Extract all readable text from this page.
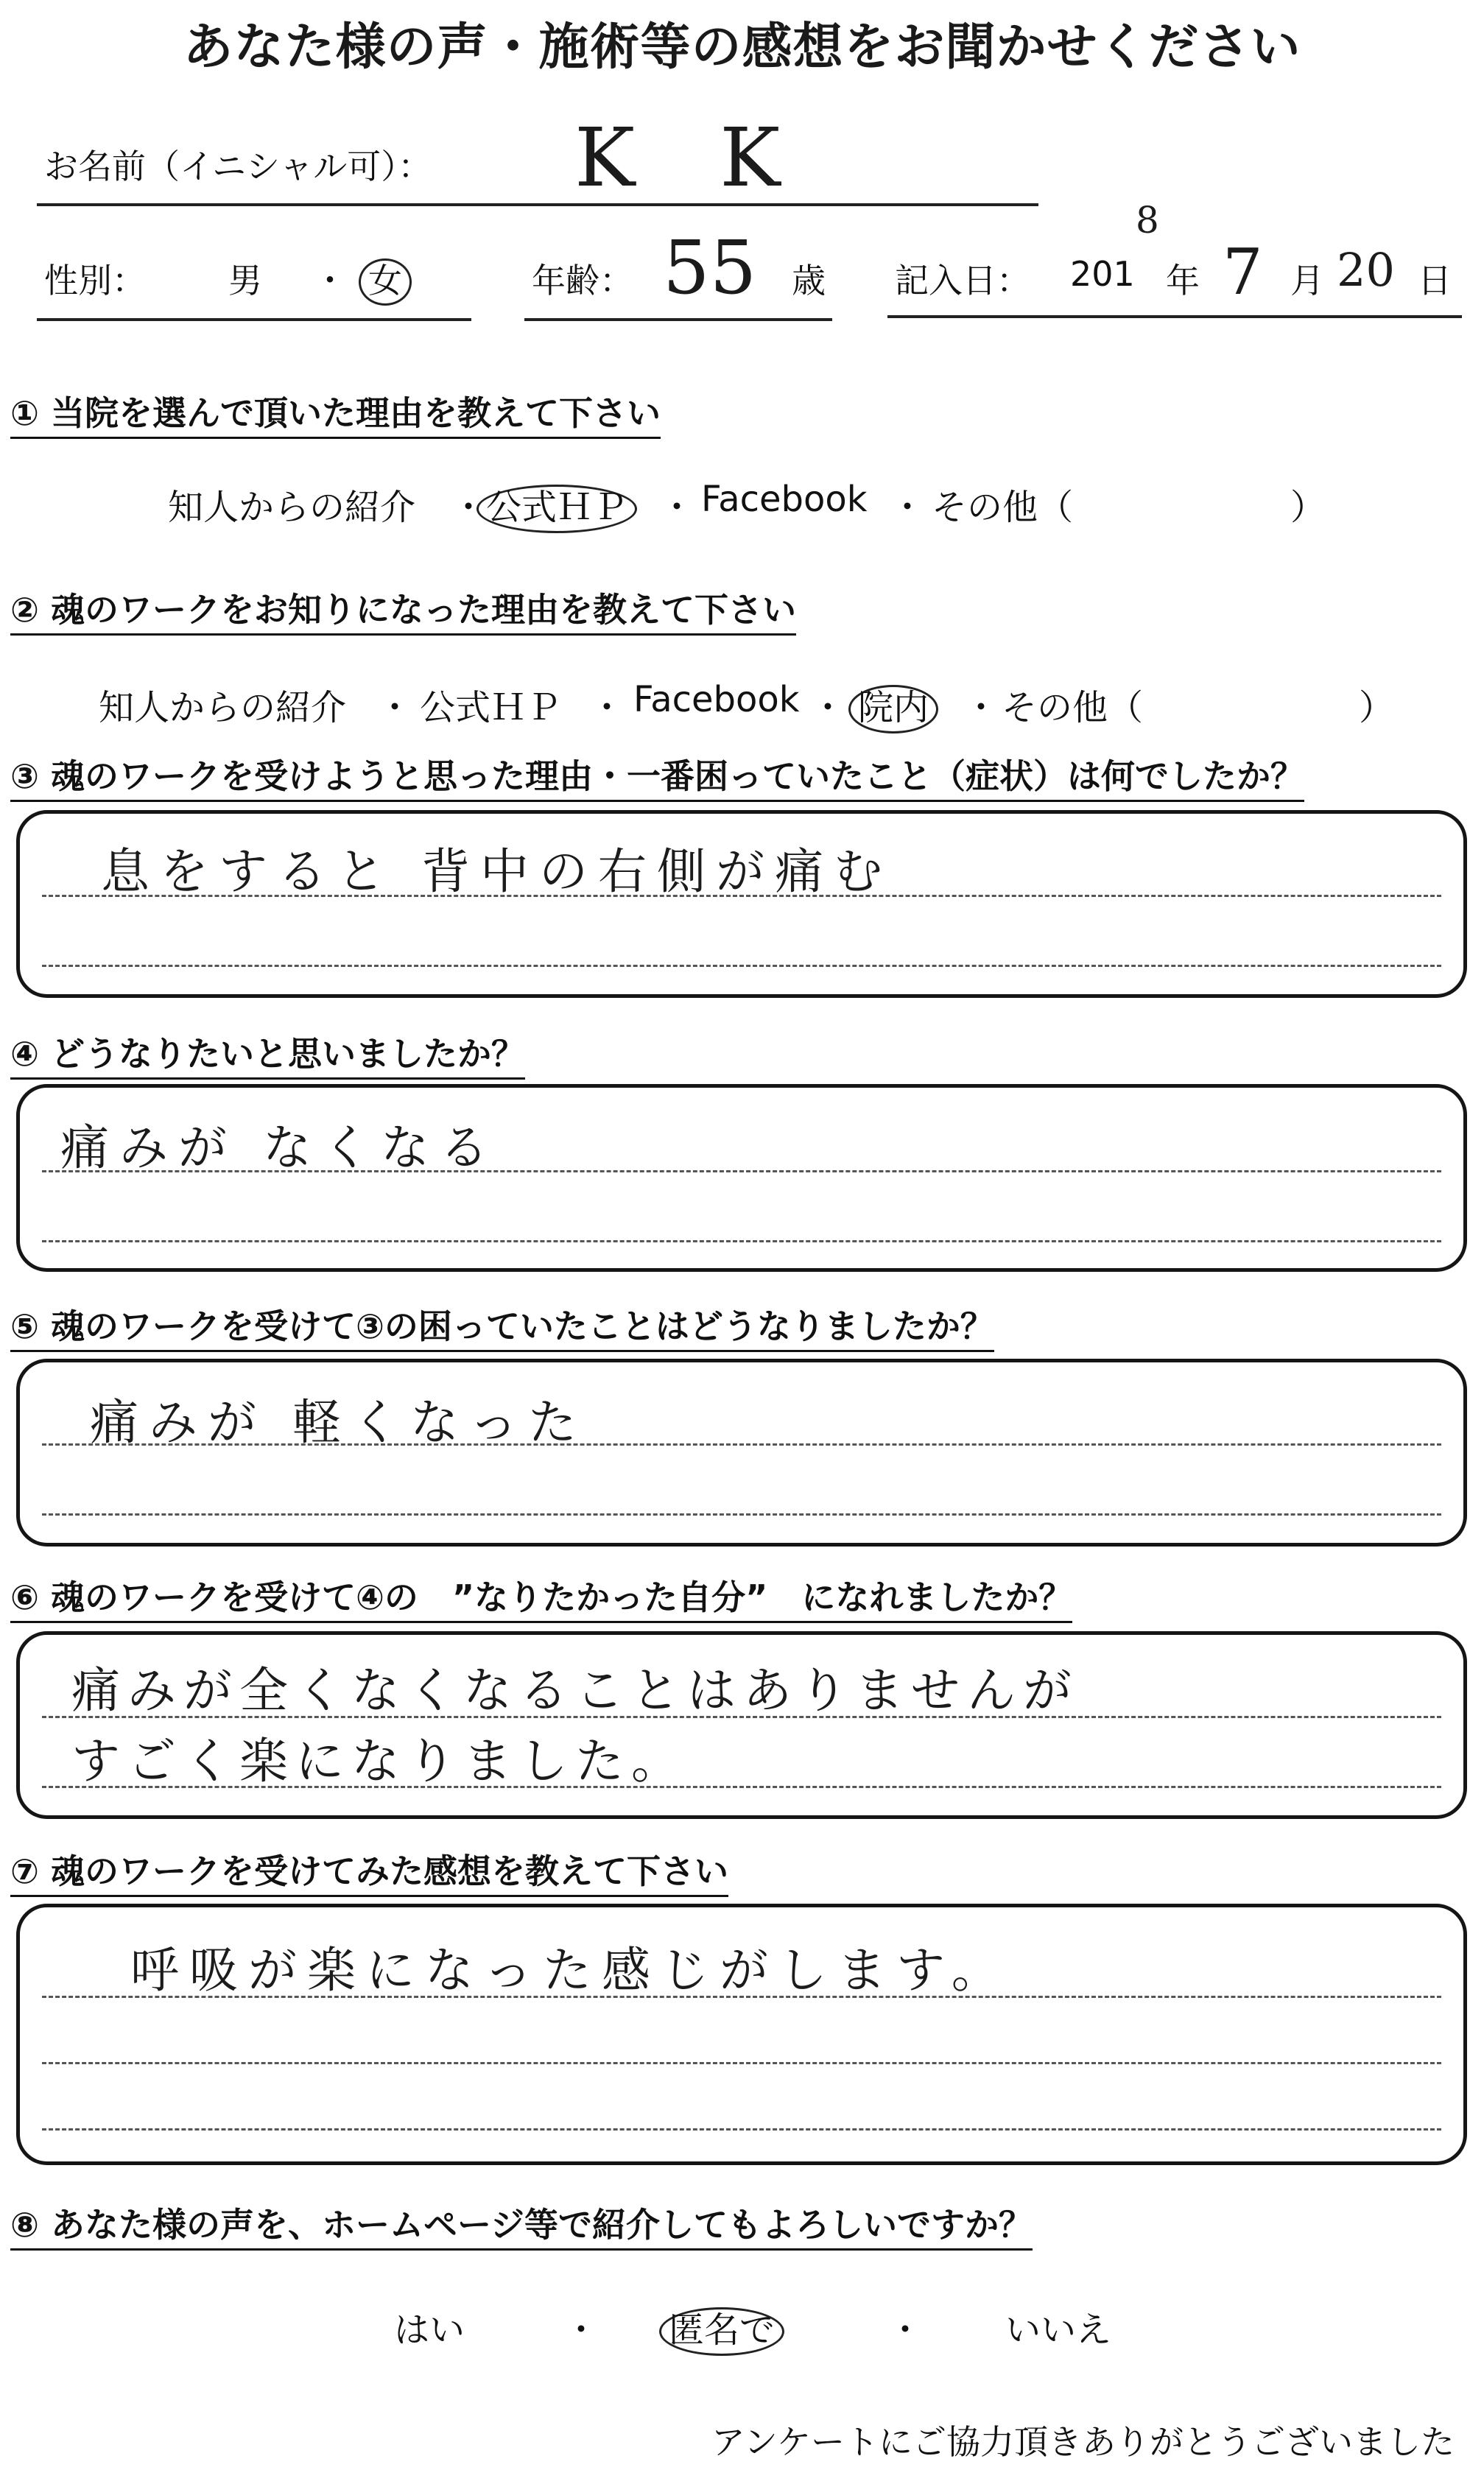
あなた様の声・施術等の感想をお聞かせください
お名前（イニシャル可）： K K
性別： 男 ・ 女	年齢： 55 歳 記入日： 201
8
年 7 月 20 日
① 当院を選んで頂いた理由を教えて下さい
知人からの紹介 ・ 公式ＨＰ ・ Facebook ・ その他（	）
② 魂のワークをお知りになった理由を教えて下さい
知人からの紹介 ・ 公式ＨＰ ・ Facebook ・ 院内 ・ その他（	）
③ 魂のワークを受けようと思った理由・一番困っていたこと（症状）は何でしたか？
息をすると 背中の右側が痛む
④ どうなりたいと思いましたか？
痛みが なくなる
⑤ 魂のワークを受けて③の困っていたことはどうなりましたか？
痛みが 軽くなった
⑥ 魂のワークを受けて④の　”なりたかった自分”　になれましたか？
痛みが全くなくなることはありませんが
すごく楽になりました。
⑦ 魂のワークを受けてみた感想を教えて下さい
呼吸が楽になった感じがします。
⑧ あなた様の声を、ホームページ等で紹介してもよろしいですか？
はい	・ 匿名で	・ いいえ
アンケートにご協力頂きありがとうございました
